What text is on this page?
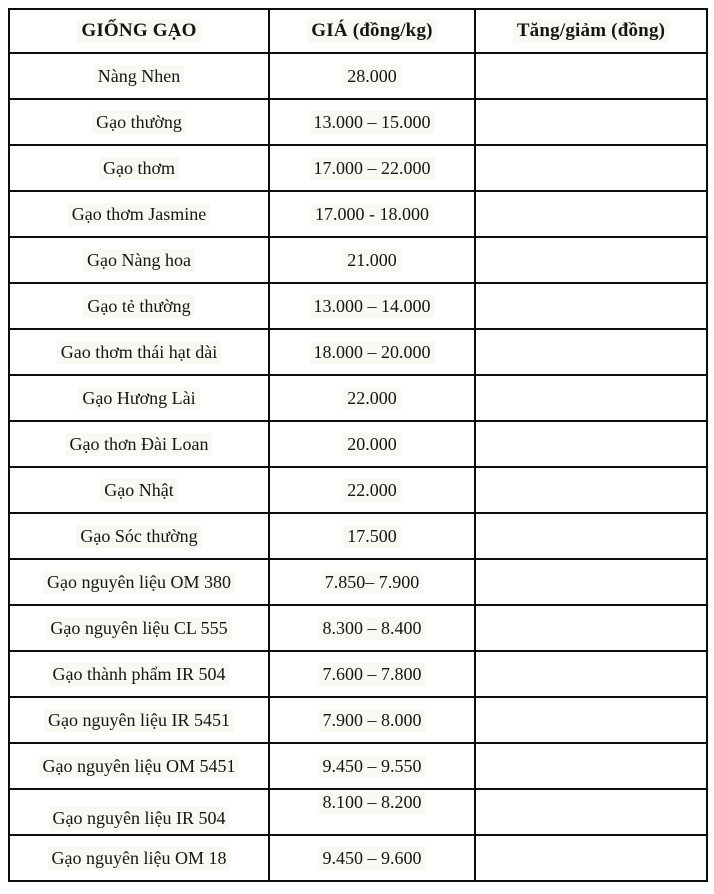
GIỐNG GẠO	GIÁ (đồng/kg)	Tăng/giảm (đồng)
Nàng Nhen	28.000	
Gạo thường	13.000 – 15.000	
Gạo thơm	17.000 – 22.000	
Gạo thơm Jasmine	17.000 - 18.000	
Gạo Nàng hoa	21.000	
Gạo tẻ thường	13.000 – 14.000	
Gao thơm thái hạt dài	18.000 – 20.000	
Gạo Hương Lài	22.000	
Gạo thơn Đài Loan	20.000	
Gạo Nhật	22.000	
Gạo Sóc thường	17.500	
Gạo nguyên liệu OM 380	7.850– 7.900	
Gạo nguyên liệu CL 555	8.300 – 8.400	
Gạo thành phẩm IR 504	7.600 – 7.800	
Gạo nguyên liệu IR 5451	7.900 – 8.000	
Gạo nguyên liệu OM 5451	9.450 – 9.550	
Gạo nguyên liệu IR 504	8.100 – 8.200	
Gạo nguyên liệu OM 18	9.450 – 9.600	
